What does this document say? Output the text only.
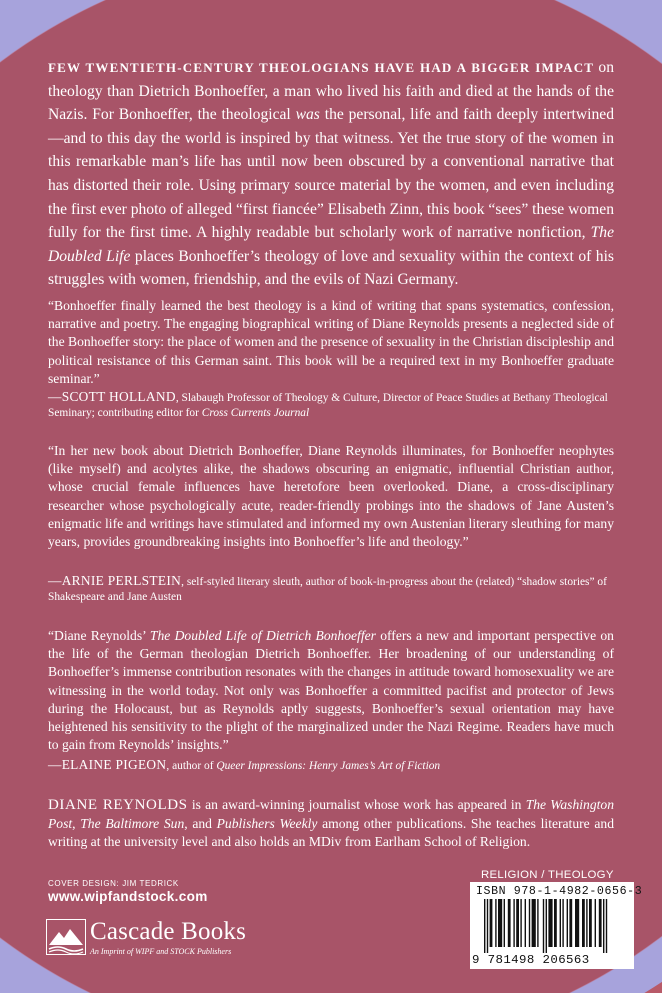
FEW TWENTIETH-CENTURY THEOLOGIANS HAVE HAD A BIGGER IMPACT on theology than Dietrich Bonhoeffer, a man who lived his faith and died at the hands of the Nazis. For Bonhoeffer, the theological was the personal, life and faith deeply intertwined—and to this day the world is inspired by that witness. Yet the true story of the women in this remarkable man’s life has until now been obscured by a conventional narrative that has distorted their role. Using primary source material by the women, and even including the first ever photo of alleged “first fiancée” Elisabeth Zinn, this book “sees” these women fully for the first time. A highly readable but scholarly work of narrative nonfiction, The Doubled Life places Bonhoeffer’s theology of love and sexuality within the context of his struggles with women, friendship, and the evils of Nazi Germany.

“Bonhoeffer finally learned the best theology is a kind of writing that spans systematics, confession, narrative and poetry. The engaging biographical writing of Diane Reynolds presents a neglected side of the Bonhoeffer story: the place of women and the presence of sexuality in the Christian discipleship and political resistance of this German saint. This book will be a required text in my Bonhoeffer graduate seminar.”

—SCOTT HOLLAND, Slabaugh Professor of Theology & Culture, Director of Peace Studies at Bethany Theological Seminary; contributing editor for Cross Currents Journal

“In her new book about Dietrich Bonhoeffer, Diane Reynolds illuminates, for Bonhoeffer neophytes (like myself) and acolytes alike, the shadows obscuring an enigmatic, influential Christian author, whose crucial female influences have heretofore been overlooked. Diane, a cross-disciplinary researcher whose psychologically acute, reader-friendly probings into the shadows of Jane Austen’s enigmatic life and writings have stimulated and informed my own Austenian literary sleuthing for many years, provides groundbreaking insights into Bonhoeffer’s life and theology.”

—ARNIE PERLSTEIN, self-styled literary sleuth, author of book-in-progress about the (related) “shadow stories” of Shakespeare and Jane Austen

“Diane Reynolds’ The Doubled Life of Dietrich Bonhoeffer offers a new and important perspective on the life of the German theologian Dietrich Bonhoeffer. Her broadening of our understanding of Bonhoeffer’s immense contribution resonates with the changes in attitude toward homosexuality we are witnessing in the world today. Not only was Bonhoeffer a committed pacifist and protector of Jews during the Holocaust, but as Reynolds aptly suggests, Bonhoeffer’s sexual orientation may have heightened his sensitivity to the plight of the marginalized under the Nazi Regime. Readers have much to gain from Reynolds’ insights.”

—ELAINE PIGEON, author of Queer Impressions: Henry James’s Art of Fiction

DIANE REYNOLDS is an award-winning journalist whose work has appeared in The Washington Post, The Baltimore Sun, and Publishers Weekly among other publications. She teaches literature and writing at the university level and also holds an MDiv from Earlham School of Religion.

COVER DESIGN: JIM TEDRICK
www.wipfandstock.com
Cascade Books
An Imprint of WIPF and STOCK Publishers
RELIGION / THEOLOGY
ISBN 978-1-4982-0656-3
9 781498 206563
